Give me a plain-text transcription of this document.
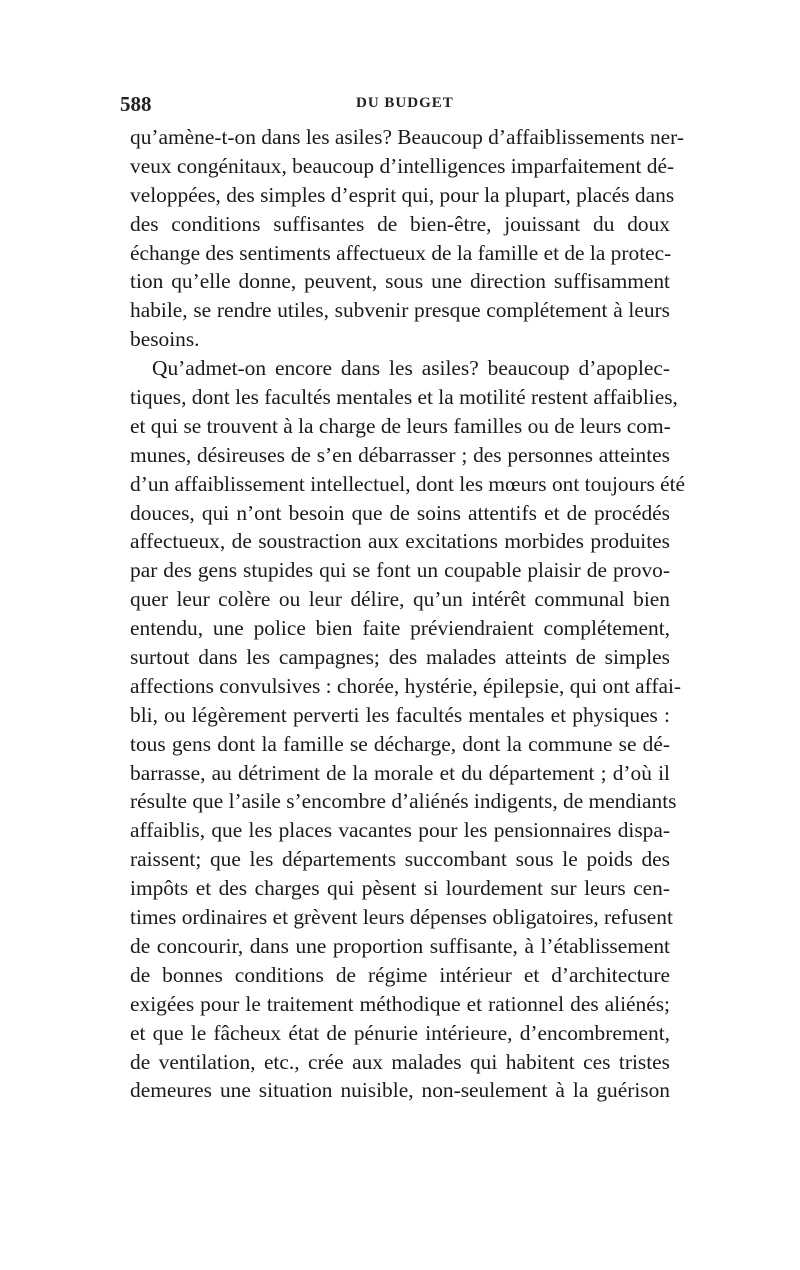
588	DU BUDGET
qu’amène-t-on dans les asiles? Beaucoup d’affaiblissements ner-
veux congénitaux, beaucoup d’intelligences imparfaitement dé-
veloppées, des simples d’esprit qui, pour la plupart, placés dans
des conditions suffisantes de bien-être, jouissant du doux
échange des sentiments affectueux de la famille et de la protec-
tion qu’elle donne, peuvent, sous une direction suffisamment
habile, se rendre utiles, subvenir presque complétement à leurs
besoins.
Qu’admet-on encore dans les asiles? beaucoup d’apoplec-
tiques, dont les facultés mentales et la motilité restent affaiblies,
et qui se trouvent à la charge de leurs familles ou de leurs com-
munes, désireuses de s’en débarrasser ; des personnes atteintes
d’un affaiblissement intellectuel, dont les mœurs ont toujours été
douces, qui n’ont besoin que de soins attentifs et de procédés
affectueux, de soustraction aux excitations morbides produites
par des gens stupides qui se font un coupable plaisir de provo-
quer leur colère ou leur délire, qu’un intérêt communal bien
entendu, une police bien faite préviendraient complétement,
surtout dans les campagnes; des malades atteints de simples
affections convulsives : chorée, hystérie, épilepsie, qui ont affai-
bli, ou légèrement perverti les facultés mentales et physiques :
tous gens dont la famille se décharge, dont la commune se dé-
barrasse, au détriment de la morale et du département ; d’où il
résulte que l’asile s’encombre d’aliénés indigents, de mendiants
affaiblis, que les places vacantes pour les pensionnaires dispa-
raissent; que les départements succombant sous le poids des
impôts et des charges qui pèsent si lourdement sur leurs cen-
times ordinaires et grèvent leurs dépenses obligatoires, refusent
de concourir, dans une proportion suffisante, à l’établissement
de bonnes conditions de régime intérieur et d’architecture
exigées pour le traitement méthodique et rationnel des aliénés;
et que le fâcheux état de pénurie intérieure, d’encombrement,
de ventilation, etc., crée aux malades qui habitent ces tristes
demeures une situation nuisible, non-seulement à la guérison
